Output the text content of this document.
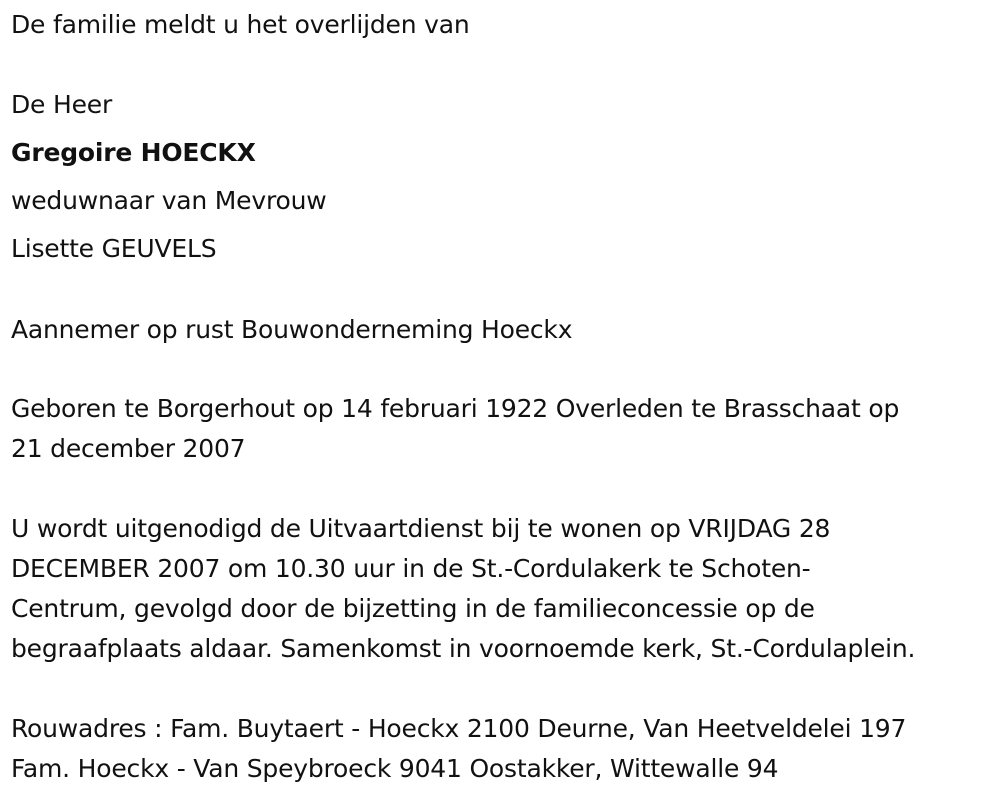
De familie meldt u het overlijden van
De Heer
Gregoire HOECKX
weduwnaar van Mevrouw
Lisette GEUVELS
Aannemer op rust Bouwonderneming Hoeckx
Geboren te Borgerhout op 14 februari 1922 Overleden te Brasschaat op
21 december 2007
U wordt uitgenodigd de Uitvaartdienst bij te wonen op VRIJDAG 28
DECEMBER 2007 om 10.30 uur in de St.-Cordulakerk te Schoten-
Centrum, gevolgd door de bijzetting in de familieconcessie op de
begraafplaats aldaar. Samenkomst in voornoemde kerk, St.-Cordulaplein.
Rouwadres : Fam. Buytaert - Hoeckx 2100 Deurne, Van Heetveldelei 197
Fam. Hoeckx - Van Speybroeck 9041 Oostakker, Wittewalle 94
